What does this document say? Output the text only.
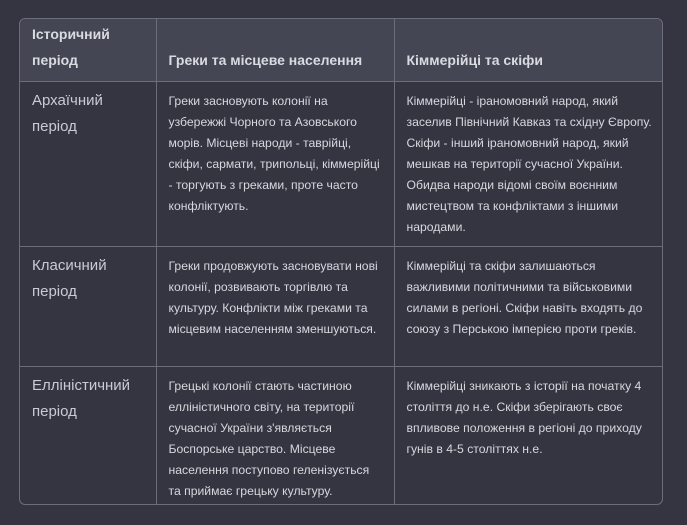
Історичний період	Греки та місцеве населення	Кіммерійці та скіфи
Архаїчний період	Греки засновують колонії на узбережжі Чорного та Азовського морів. Місцеві народи - таврійці, скіфи, сармати, трипольці, кіммерійці - торгують з греками, проте часто конфліктують.	Кіммерійці - іраномовний народ, який заселив Північний Кавказ та східну Європу. Скіфи - інший іраномовний народ, який мешкав на території сучасної України. Обидва народи відомі своїм воєнним мистецтвом та конфліктами з іншими народами.
Класичний період	Греки продовжують засновувати нові колонії, розвивають торгівлю та культуру. Конфлікти між греками та місцевим населенням зменшуються.	Кіммерійці та скіфи залишаються важливими політичними та військовими силами в регіоні. Скіфи навіть входять до союзу з Перською імперією проти греків.
Елліністичний період	Грецькі колонії стають частиною елліністичного світу, на території сучасної України з'являється Боспорське царство. Місцеве населення поступово геленізується та приймає грецьку культуру.	Кіммерійці зникають з історії на початку 4 століття до н.е. Скіфи зберігають своє впливове положення в регіоні до приходу гунів в 4-5 століттях н.е.
